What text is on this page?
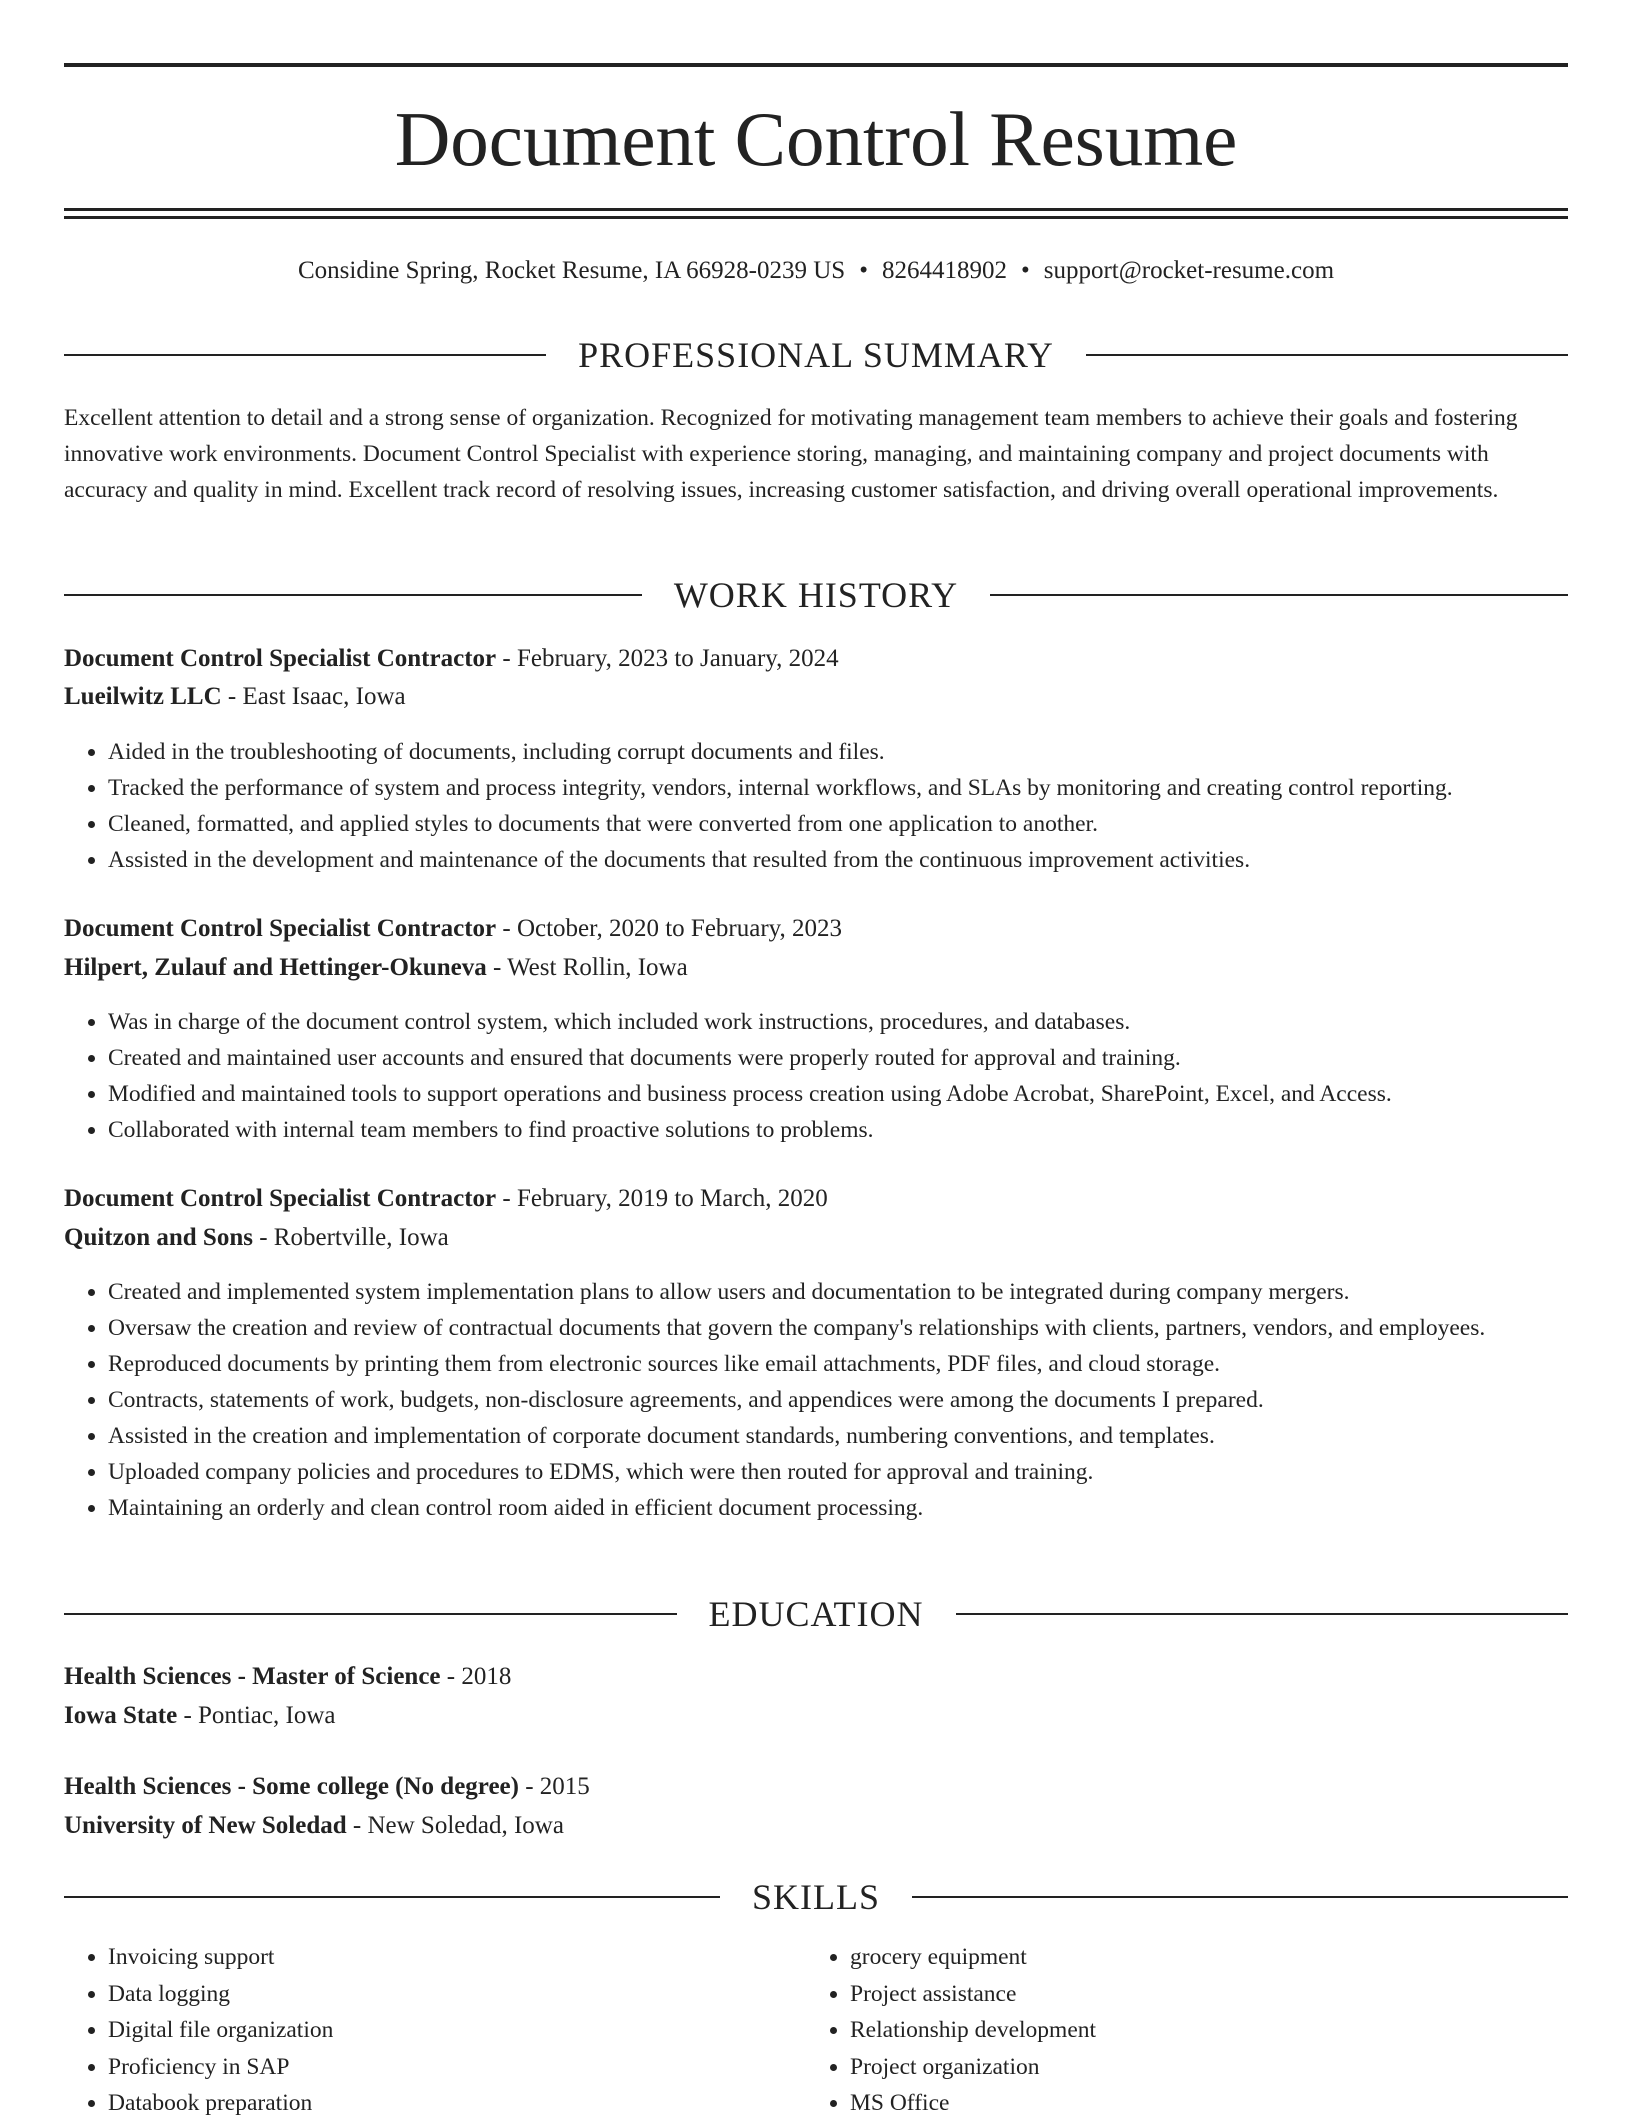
Document Control Resume
Considine Spring, Rocket Resume, IA 66928-0239 US • 8264418902 • support@rocket-resume.com
PROFESSIONAL SUMMARY
Excellent attention to detail and a strong sense of organization. Recognized for motivating management team members to achieve their goals and fostering innovative work environments. Document Control Specialist with experience storing, managing, and maintaining company and project documents with accuracy and quality in mind. Excellent track record of resolving issues, increasing customer satisfaction, and driving overall operational improvements.
WORK HISTORY
Document Control Specialist Contractor - February, 2023 to January, 2024
Lueilwitz LLC - East Isaac, Iowa
• Aided in the troubleshooting of documents, including corrupt documents and files.
• Tracked the performance of system and process integrity, vendors, internal workflows, and SLAs by monitoring and creating control reporting.
• Cleaned, formatted, and applied styles to documents that were converted from one application to another.
• Assisted in the development and maintenance of the documents that resulted from the continuous improvement activities.
Document Control Specialist Contractor - October, 2020 to February, 2023
Hilpert, Zulauf and Hettinger-Okuneva - West Rollin, Iowa
• Was in charge of the document control system, which included work instructions, procedures, and databases.
• Created and maintained user accounts and ensured that documents were properly routed for approval and training.
• Modified and maintained tools to support operations and business process creation using Adobe Acrobat, SharePoint, Excel, and Access.
• Collaborated with internal team members to find proactive solutions to problems.
Document Control Specialist Contractor - February, 2019 to March, 2020
Quitzon and Sons - Robertville, Iowa
• Created and implemented system implementation plans to allow users and documentation to be integrated during company mergers.
• Oversaw the creation and review of contractual documents that govern the company's relationships with clients, partners, vendors, and employees.
• Reproduced documents by printing them from electronic sources like email attachments, PDF files, and cloud storage.
• Contracts, statements of work, budgets, non-disclosure agreements, and appendices were among the documents I prepared.
• Assisted in the creation and implementation of corporate document standards, numbering conventions, and templates.
• Uploaded company policies and procedures to EDMS, which were then routed for approval and training.
• Maintaining an orderly and clean control room aided in efficient document processing.
EDUCATION
Health Sciences - Master of Science - 2018
Iowa State - Pontiac, Iowa
Health Sciences - Some college (No degree) - 2015
University of New Soledad - New Soledad, Iowa
SKILLS
• Invoicing support
• Data logging
• Digital file organization
• Proficiency in SAP
• Databook preparation
• grocery equipment
• Project assistance
• Relationship development
• Project organization
• MS Office
